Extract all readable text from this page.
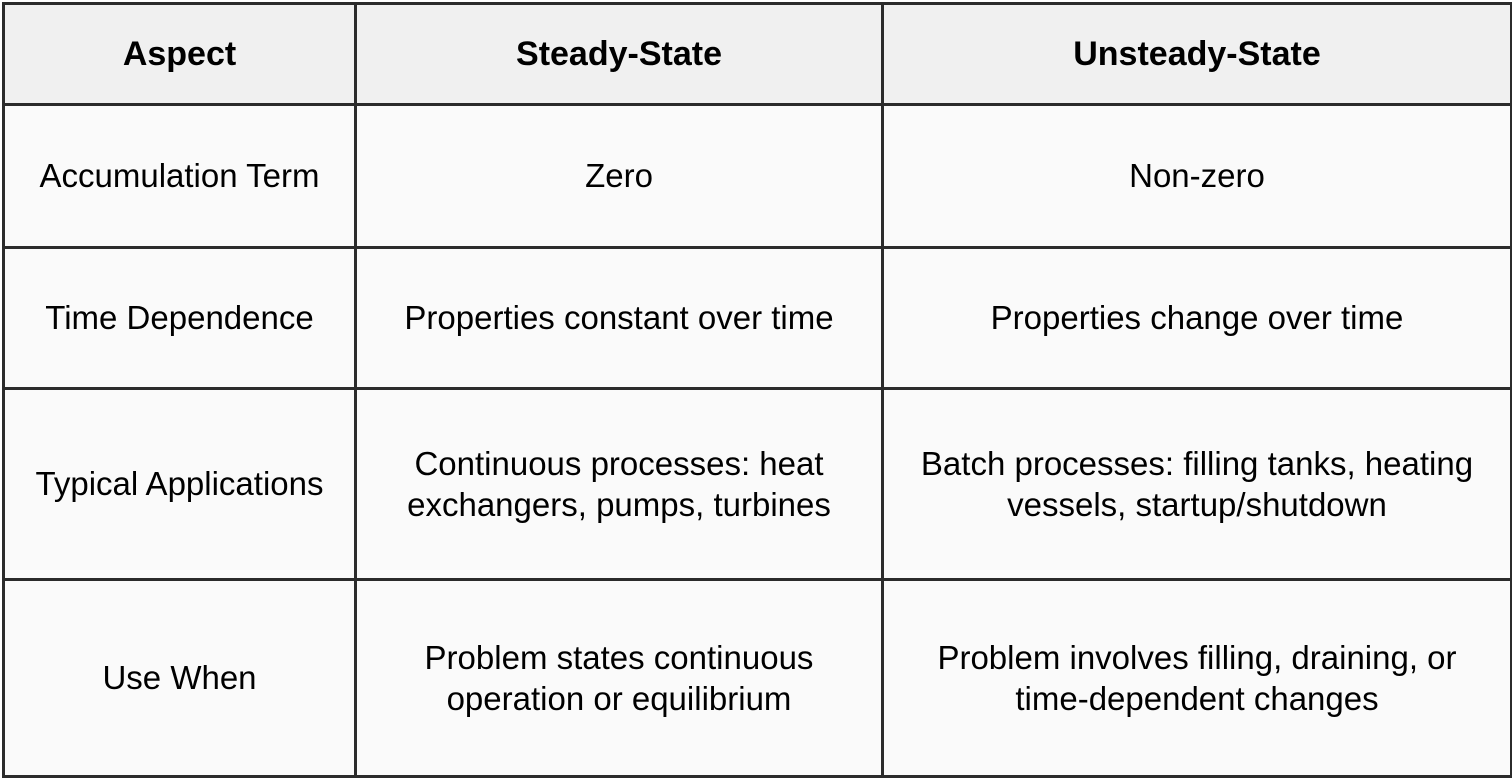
Aspect	Steady-State	Unsteady-State
Accumulation Term	Zero	Non-zero
Time Dependence	Properties constant over time	Properties change over time
Typical Applications	Continuous processes: heat exchangers, pumps, turbines	Batch processes: filling tanks, heating vessels, startup/shutdown
Use When	Problem states continuous operation or equilibrium	Problem involves filling, draining, or time-dependent changes
